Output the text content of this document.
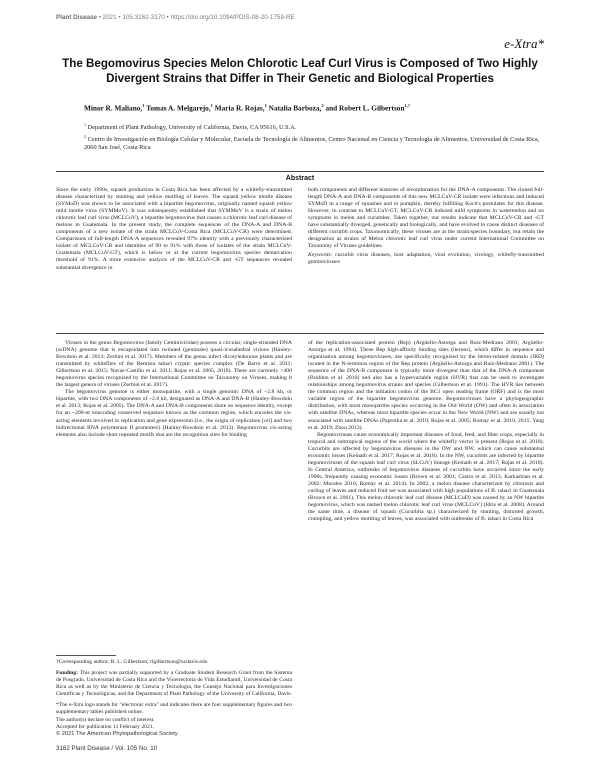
Plant Disease • 2021 • 105:3162-3170 • https://doi.org/10.1094/PDIS-08-20-1759-RE
e-Xtra*
The Begomovirus Species Melon Chlorotic Leaf Curl Virus is Composed of Two Highly Divergent Strains that Differ in Their Genetic and Biological Properties
Minor R. Maliano,$^1$ Tomas A. Melgarejo,$^1$ Maria R. Rojas,$^1$ Natalia Barboza,$^2$ and Robert L. Gilbertson$^{1,\dagger}$

$^1$ Department of Plant Pathology, University of California, Davis, CA 95616, U.S.A.

$^2$ Centro de Investigación en Biología Celular y Molecular, Escuela de Tecnología de Alimentos, Centro Nacional en Ciencia y Tecnología de Alimentos, Universidad de Costa Rica, 2060 San José, Costa Rica

Abstract

Since the early 1990s, squash production in Costa Rica has been affected by a whitefly-transmitted disease characterized by stunting and yellow mottling of leaves. The squash yellow mottle disease (SYMoD) was shown to be associated with a bipartite begomovirus, originally named squash yellow mild mottle virus (SYMMoV). It was subsequently established that SYMMoV is a strain of melon chlorotic leaf curl virus (MCLCuV), a bipartite begomovirus that causes a chlorotic leaf curl disease of melons in Guatemala. In the present study, the complete sequences of the DNA-A and DNA-B components of a new isolate of the strain MCLCuV-Costa Rica (MCLCuV-CR) were determined. Comparisons of full-length DNA-A sequences revealed 97% identity with a previously characterized isolate of MCLCuV-CR and identities of 90 to 91% with those of isolates of the strain MCLCuV-Guatemala (MCLCuV-GT), which is below or at the current begomovirus species demarcation threshold of 91%. A more extensive analysis of the MCLCuV-CR and -GT sequences revealed substantial divergence in

both components and different histories of recombination for the DNA-A components. The cloned full-length DNA-A and DNA-B components of this new MCLCuV-CR isolate were infectious and induced SYMoD in a range of squashes and in pumpkin, thereby fulfilling Koch's postulates for this disease. However, in contrast to MCLCuV-GT, MCLCuV-CR induced mild symptoms in watermelon and no symptoms in melon and cucumber. Taken together, our results indicate that MCLCuV-CR and -GT have substantially diverged, genetically and biologically, and have evolved to cause distinct diseases of different cucurbit crops. Taxonomically, these viruses are at the strain/species boundary, but retain the designation as strains of Melon chlorotic leaf curl virus under current International Committee on Taxonomy of Viruses guidelines.

Keywords: cucurbit virus diseases, host adaptation, viral evolution, virology, whitefly-transmitted geminiviruses

Viruses in the genus Begomovirus (family Geminiviridae) possess a circular, single-stranded DNA (ssDNA) genome that is encapsidated into twinned (geminate) quasi-icosahedral virions (Hanley-Bowdoin et al. 2013; Zerbini et al. 2017). Members of the genus infect dicotyledonous plants and are transmitted by whiteflies of the Bemisia tabaci cryptic species complex (De Barro et al. 2011; Gilbertson et al. 2015; Navas-Castillo et al. 2011; Rojas et al. 2005, 2018). There are currently >400 begomovirus species recognized by the International Committee on Taxonomy on Viruses, making it the largest genera of viruses (Zerbini et al. 2017).

The begomovirus genome is either monopartite, with a single genomic DNA of ~2.8 kb, or bipartite, with two DNA components of ~2.6 kb, designated as DNA-A and DNA-B (Hanley-Bowdoin et al. 2013; Rojas et al. 2005). The DNA-A and DNA-B components share no sequence identity, except for an ~200-nt noncoding conserved sequence known as the common region, which encodes the cis-acting elements involved in replication and gene expression (i.e., the origin of replication [ori] and two bidirectional RNA polymerase II promoters) (Hanley-Bowdoin et al. 2013). Begomovirus cis-acting elements also include short repeated motifs that are the recognition sites for binding

of the replication-associated protein (Rep) (Argüello-Astorga and Ruiz-Medrano 2001; Argüello-Astorga et al. 1994). These Rep high-affinity binding sites (iterons), which differ in sequence and organization among begomoviruses, are specifically recognized by the iteron-related domain (IRD) located in the N-terminus region of the Rep protein (Argüello-Astorga and Ruiz-Medrano 2001). The sequence of the DNA-B component is typically more divergent than that of the DNA-A component (Briddon et al. 2010) and also has a hypervariable region (HVR) that can be used to investigate relationships among begomovirus strains and species (Gilbertson et al. 1991). The HVR lies between the common region and the initiation codon of the BC1 open reading frame (ORF) and is the most variable region of the bipartite begomovirus genome. Begomoviruses have a phylogeographic distribution, with most monopartite species occurring in the Old World (OW) and often in association with satellite DNAs, whereas most bipartite species occur in the New World (NW) and are usually not associated with satellite DNAs (Paprotka et al. 2010; Rojas et al. 2005; Romay et al. 2010, 2015; Yang et al. 2019; Zhou 2013).

Begomoviruses cause economically important diseases of food, feed, and fiber crops, especially in tropical and subtropical regions of the world where the whitefly vector is present (Rojas et al. 2018). Cucurbits are affected by begomovirus diseases in the OW and NW, which can cause substantial economic losses (Keinath et al. 2017; Rojas et al. 2018). In the NW, cucurbits are infected by bipartite begomoviruses of the squash leaf curl virus (SLCuV) lineage (Keinath et al. 2017; Rojas et al. 2018). In Central America, outbreaks of begomovirus diseases of cucurbits have occurred since the early 1990s, frequently causing economic losses (Brown et al. 2001; Castro et al. 2013; Karkashian et al. 2002; Morales 2010; Romay et al. 2014). In 2002, a melon disease characterized by chlorosis and curling of leaves and reduced fruit set was associated with high populations of B. tabaci in Guatemala (Brown et al. 2001). This melon chlorotic leaf curl disease (MCLCuD) was caused by an NW bipartite begomovirus, which was named melon chlorotic leaf curl virus (MCLCuV) (Idris et al. 2008). Around the same time, a disease of squash (Cucurbita sp.) characterized by stunting, distorted growth, crumpling, and yellow mottling of leaves, was associated with outbreaks of B. tabaci in Costa Rica

†Corresponding author: R. L. Gilbertson; rlgilbertson@ucdavis.edu
Funding: This project was partially supported by a Graduate Student Research Grant from the Sistema de Posgrado, Universidad de Costa Rica and the Vicerrectoría de Vida Estudiantil, Universidad de Costa Rica as well as by the Ministerio de Ciencia y Tecnología, the Consejo Nacional para Investigaciones Científicas y Tecnológicas, and the Department of Plant Pathology of the University of California, Davis.
*The e-Xtra logo stands for "electronic extra" and indicates there are four supplementary figures and two supplementary tables published online.
The author(s) declare no conflict of interest.
Accepted for publication 11 February 2021.
© 2021 The American Phytopathological Society
3162 Plant Disease / Vol. 105 No. 10
